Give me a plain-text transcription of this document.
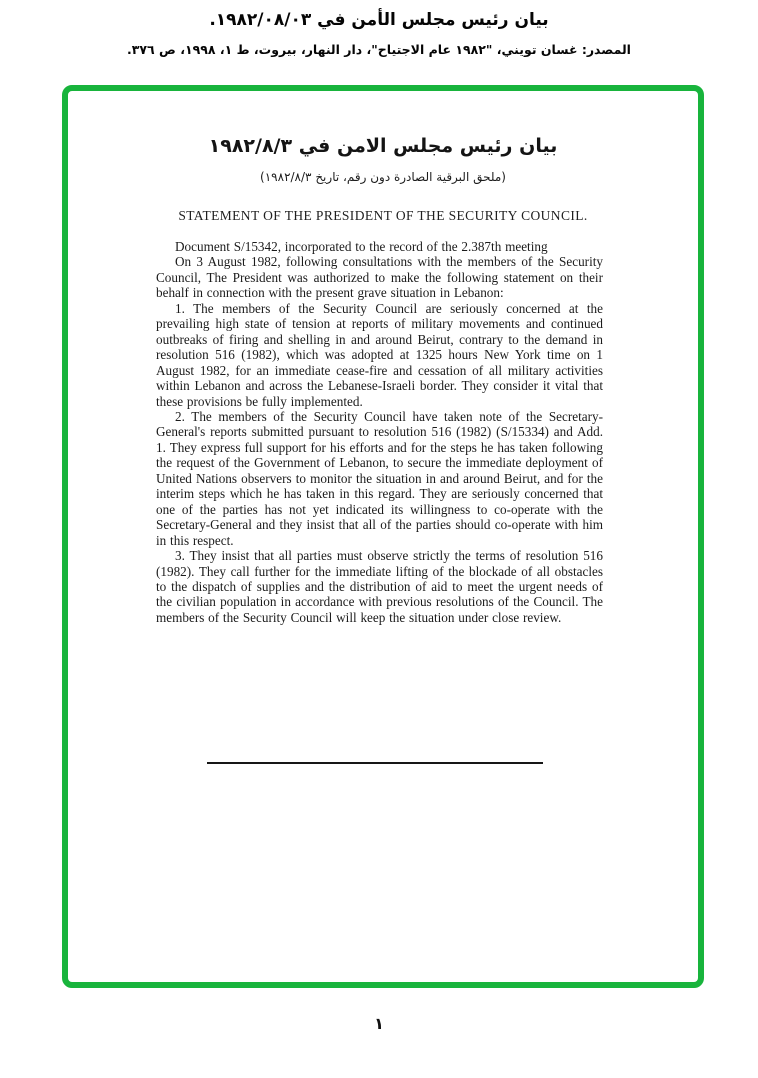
بيان رئيس مجلس الأمن في ١٩٨٢/٠٨/٠٣.
المصدر: غسان تويني، "١٩٨٢ عام الاجتياح"، دار النهار، بيروت، ط ١، ١٩٩٨، ص ٣٧٦.
بيان رئيس مجلس الامن في ١٩٨٢/٨/٣
(ملحق البرقية الصادرة دون رقم، تاريخ ١٩٨٢/٨/٣)
STATEMENT OF THE PRESIDENT OF THE SECURITY COUNCIL.

Document S/15342, incorporated to the record of the 2.387th meeting

On 3 August 1982, following consultations with the members of the Security Council, The President was authorized to make the following statement on their behalf in connection with the present grave situation in Lebanon:

1. The members of the Security Council are seriously concerned at the prevailing high state of tension at reports of military movements and continued outbreaks of firing and shelling in and around Beirut, contrary to the demand in resolution 516 (1982), which was adopted at 1325 hours New York time on 1 August 1982, for an immediate cease-fire and cessation of all military activities within Lebanon and across the Lebanese-Israeli border. They consider it vital that these provisions be fully implemented.

2. The members of the Security Council have taken note of the Secretary-General's reports submitted pursuant to resolution 516 (1982) (S/15334) and Add. 1. They express full support for his efforts and for the steps he has taken following the request of the Government of Lebanon, to secure the immediate deployment of United Nations observers to monitor the situation in and around Beirut, and for the interim steps which he has taken in this regard. They are seriously concerned that one of the parties has not yet indicated its willingness to co-operate with the Secretary-General and they insist that all of the parties should co-operate with him in this respect.

3. They insist that all parties must observe strictly the terms of resolution 516 (1982). They call further for the immediate lifting of the blockade of all obstacles to the dispatch of supplies and the distribution of aid to meet the urgent needs of the civilian population in accordance with previous resolutions of the Council. The members of the Security Council will keep the situation under close review.

١
